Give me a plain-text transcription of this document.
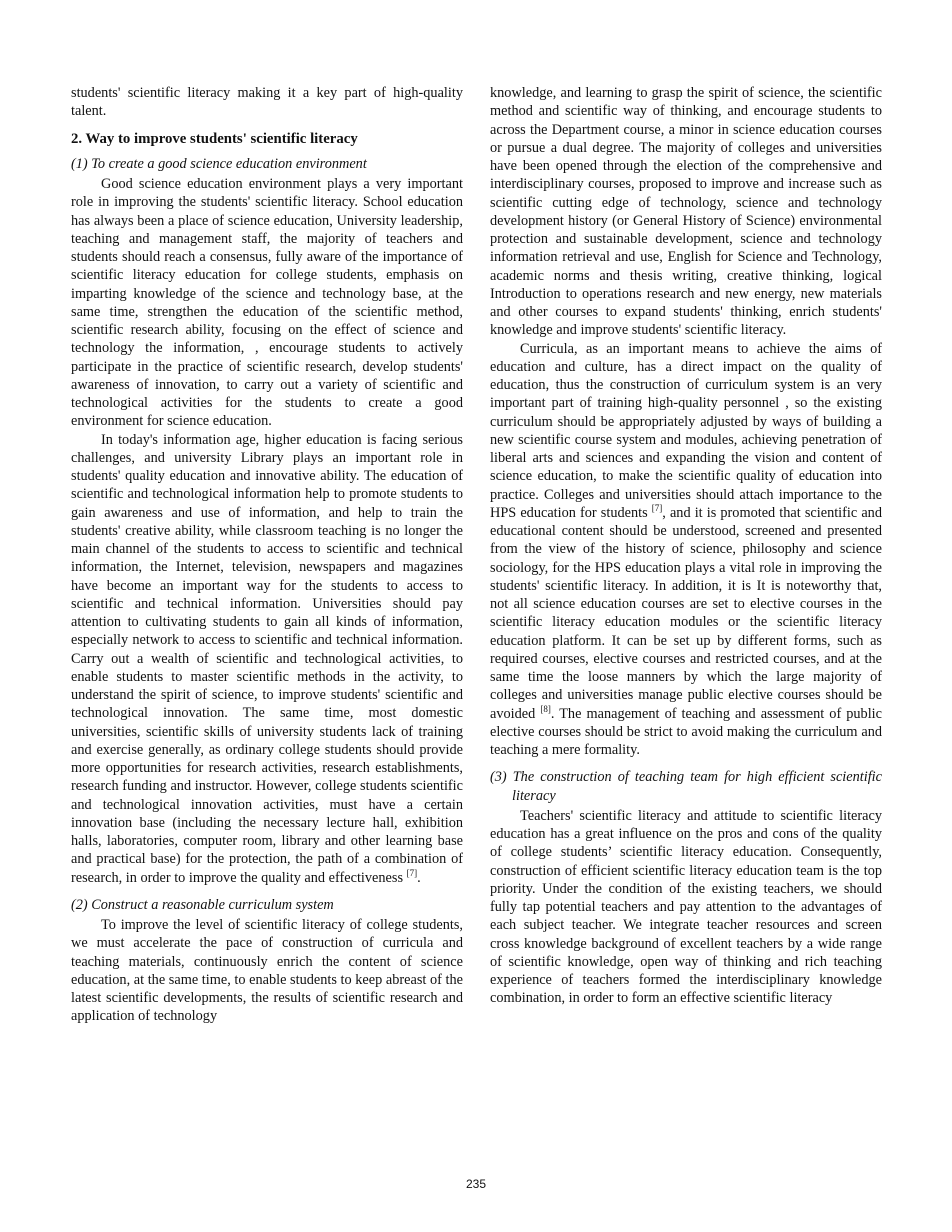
students' scientific literacy making it a key part of high-quality talent.

2. Way to improve students' scientific literacy

(1) To create a good science education environment

Good science education environment plays a very important role in improving the students' scientific literacy. School education has always been a place of science education, University leadership, teaching and management staff, the majority of teachers and students should reach a consensus, fully aware of the importance of scientific literacy education for college students, emphasis on imparting knowledge of the science and technology base, at the same time, strengthen the education of the scientific method, scientific research ability, focusing on the effect of science and technology the information, , encourage students to actively participate in the practice of scientific research, develop students' awareness of innovation, to carry out a variety of scientific and technological activities for the students to create a good environment for science education.

In today's information age, higher education is facing serious challenges, and university Library plays an important role in students' quality education and innovative ability. The education of scientific and technological information help to promote students to gain awareness and use of information, and help to train the students' creative ability, while classroom teaching is no longer the main channel of the students to access to scientific and technical information, the Internet, television, newspapers and magazines have become an important way for the students to access to scientific and technical information. Universities should pay attention to cultivating students to gain all kinds of information, especially network to access to scientific and technical information. Carry out a wealth of scientific and technological activities, to enable students to master scientific methods in the activity, to understand the spirit of science, to improve students' scientific and technological innovation. The same time, most domestic universities, scientific skills of university students lack of training and exercise generally, as ordinary college students should provide more opportunities for research activities, research establishments, research funding and instructor. However, college students scientific and technological innovation activities, must have a certain innovation base (including the necessary lecture hall, exhibition halls, laboratories, computer room, library and other learning base and practical base) for the protection, the path of a combination of research, in order to improve the quality and effectiveness [7].

(2) Construct a reasonable curriculum system

To improve the level of scientific literacy of college students, we must accelerate the pace of construction of curricula and teaching materials, continuously enrich the content of science education, at the same time, to enable students to keep abreast of the latest scientific developments, the results of scientific research and application of technology

knowledge, and learning to grasp the spirit of science, the scientific method and scientific way of thinking, and encourage students to across the Department course, a minor in science education courses or pursue a dual degree. The majority of colleges and universities have been opened through the election of the comprehensive and interdisciplinary courses, proposed to improve and increase such as scientific cutting edge of technology, science and technology development history (or General History of Science) environmental protection and sustainable development, science and technology information retrieval and use, English for Science and Technology, academic norms and thesis writing, creative thinking, logical Introduction to operations research and new energy, new materials and other courses to expand students' thinking, enrich students' knowledge and improve students' scientific literacy.

Curricula, as an important means to achieve the aims of education and culture, has a direct impact on the quality of education, thus the construction of curriculum system is an very important part of training high-quality personnel , so the existing curriculum should be appropriately adjusted by ways of building a new scientific course system and modules, achieving penetration of liberal arts and sciences and expanding the vision and content of science education, to make the scientific quality of education into practice. Colleges and universities should attach importance to the HPS education for students [7], and it is promoted that scientific and educational content should be understood, screened and presented from the view of the history of science, philosophy and science sociology, for the HPS education plays a vital role in improving the students' scientific literacy. In addition, it is It is noteworthy that, not all science education courses are set to elective courses in the scientific literacy education modules or the scientific literacy education platform. It can be set up by different forms, such as required courses, elective courses and restricted courses, and at the same time the loose manners by which the large majority of colleges and universities manage public elective courses should be avoided [8]. The management of teaching and assessment of public elective courses should be strict to avoid making the curriculum and teaching a mere formality.

(3) The construction of teaching team for high efficient scientific literacy

Teachers' scientific literacy and attitude to scientific literacy education has a great influence on the pros and cons of the quality of college students’ scientific literacy education. Consequently, construction of efficient scientific literacy education team is the top priority. Under the condition of the existing teachers, we should fully tap potential teachers and pay attention to the advantages of each subject teacher. We integrate teacher resources and screen cross knowledge background of excellent teachers by a wide range of scientific knowledge, open way of thinking and rich teaching experience of teachers formed the interdisciplinary knowledge combination, in order to form an effective scientific literacy

235
